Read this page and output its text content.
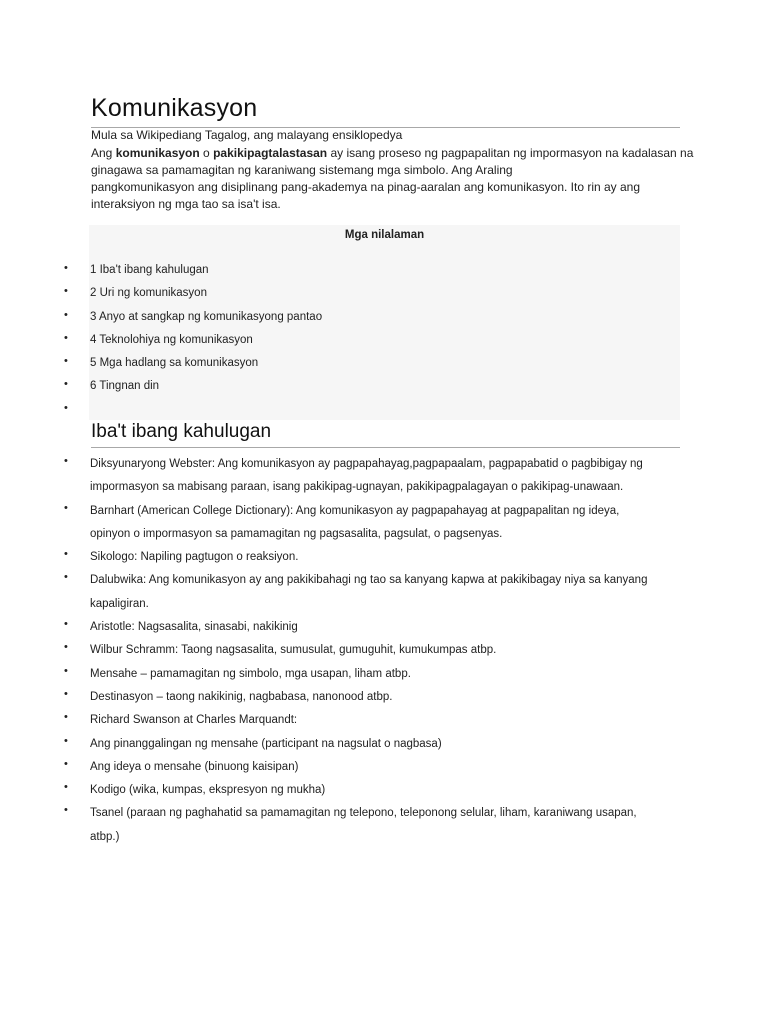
Komunikasyon
Mula sa Wikipediang Tagalog, ang malayang ensiklopedya
Ang komunikasyon o pakikipagtalastasan ay isang proseso ng pagpapalitan ng impormasyon na kadalasan na
ginagawa sa pamamagitan ng karaniwang sistemang mga simbolo. Ang Araling
pangkomunikasyon ang disiplinang pang-akademya na pinag-aaralan ang komunikasyon. Ito rin ay ang
interaksiyon ng mga tao sa isa't isa.
Mga nilalaman
• 1 Iba't ibang kahulugan
• 2 Uri ng komunikasyon
• 3 Anyo at sangkap ng komunikasyong pantao
• 4 Teknolohiya ng komunikasyon
• 5 Mga hadlang sa komunikasyon
• 6 Tingnan din
•
Iba't ibang kahulugan
• Diksyunaryong Webster: Ang komunikasyon ay pagpapahayag,pagpapaalam, pagpapabatid o pagbibigay ng
impormasyon sa mabisang paraan, isang pakikipag-ugnayan, pakikipagpalagayan o pakikipag-unawaan.
• Barnhart (American College Dictionary): Ang komunikasyon ay pagpapahayag at pagpapalitan ng ideya,
opinyon o impormasyon sa pamamagitan ng pagsasalita, pagsulat, o pagsenyas.
• Sikologo: Napiling pagtugon o reaksiyon.
• Dalubwika: Ang komunikasyon ay ang pakikibahagi ng tao sa kanyang kapwa at pakikibagay niya sa kanyang
kapaligiran.
• Aristotle: Nagsasalita, sinasabi, nakikinig
• Wilbur Schramm: Taong nagsasalita, sumusulat, gumuguhit, kumukumpas atbp.
• Mensahe – pamamagitan ng simbolo, mga usapan, liham atbp.
• Destinasyon – taong nakikinig, nagbabasa, nanonood atbp.
• Richard Swanson at Charles Marquandt:
• Ang pinanggalingan ng mensahe (participant na nagsulat o nagbasa)
• Ang ideya o mensahe (binuong kaisipan)
• Kodigo (wika, kumpas, ekspresyon ng mukha)
• Tsanel (paraan ng paghahatid sa pamamagitan ng telepono, teleponong selular, liham, karaniwang usapan,
atbp.)
